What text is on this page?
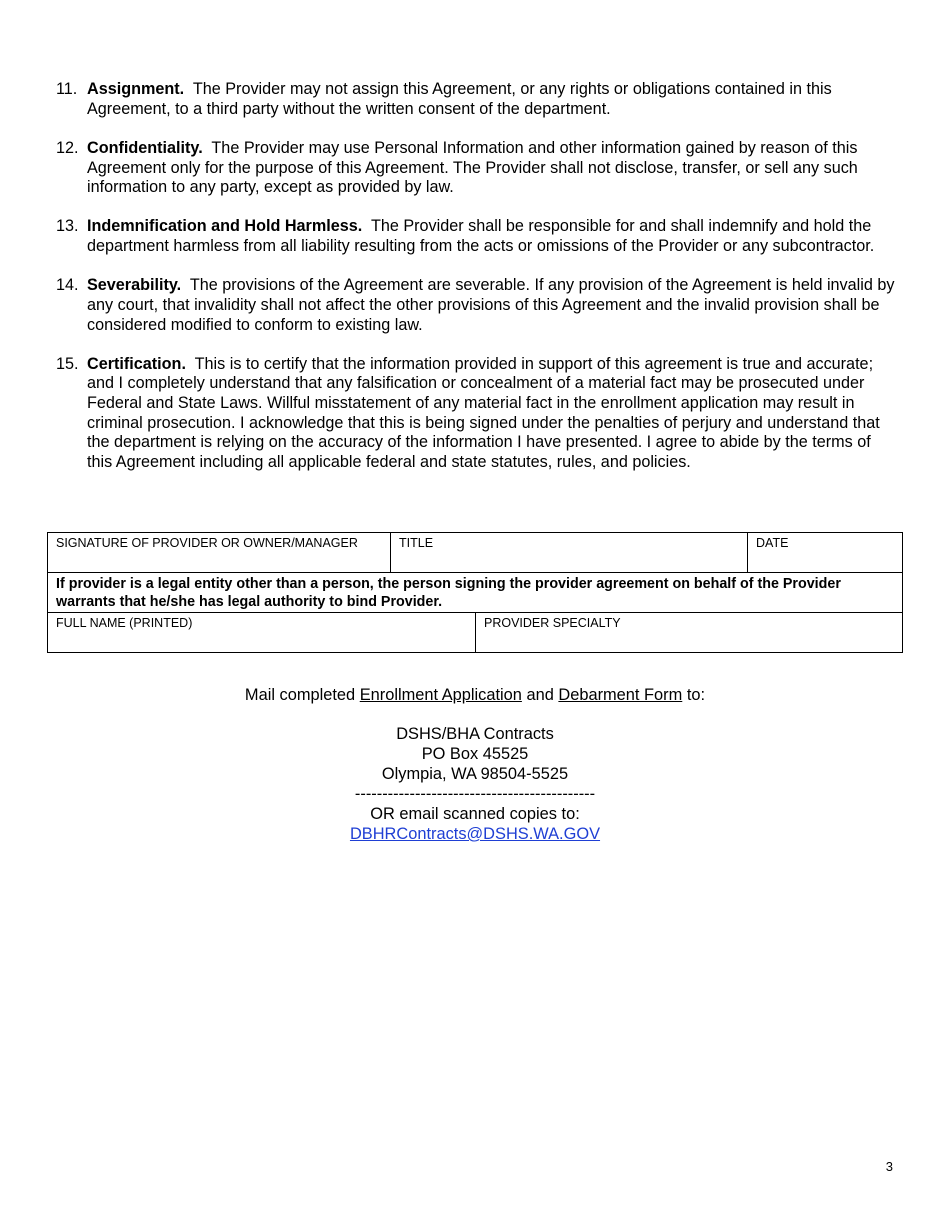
11. Assignment. The Provider may not assign this Agreement, or any rights or obligations contained in this Agreement, to a third party without the written consent of the department.
12. Confidentiality. The Provider may use Personal Information and other information gained by reason of this Agreement only for the purpose of this Agreement. The Provider shall not disclose, transfer, or sell any such information to any party, except as provided by law.
13. Indemnification and Hold Harmless. The Provider shall be responsible for and shall indemnify and hold the department harmless from all liability resulting from the acts or omissions of the Provider or any subcontractor.
14. Severability. The provisions of the Agreement are severable. If any provision of the Agreement is held invalid by any court, that invalidity shall not affect the other provisions of this Agreement and the invalid provision shall be considered modified to conform to existing law.
15. Certification. This is to certify that the information provided in support of this agreement is true and accurate; and I completely understand that any falsification or concealment of a material fact may be prosecuted under Federal and State Laws. Willful misstatement of any material fact in the enrollment application may result in criminal prosecution. I acknowledge that this is being signed under the penalties of perjury and understand that the department is relying on the accuracy of the information I have presented. I agree to abide by the terms of this Agreement including all applicable federal and state statutes, rules, and policies.
SIGNATURE OF PROVIDER OR OWNER/MANAGER	TITLE		DATE
If provider is a legal entity other than a person, the person signing the provider agreement on behalf of the Provider warrants that he/she has legal authority to bind Provider.			
FULL NAME (PRINTED)		PROVIDER SPECIALTY	
Mail completed Enrollment Application and Debarment Form to:
DSHS/BHA Contracts
PO Box 45525
Olympia, WA 98504-5525
--------------------------------------------
OR email scanned copies to:
DBHRContracts@DSHS.WA.GOV
3
